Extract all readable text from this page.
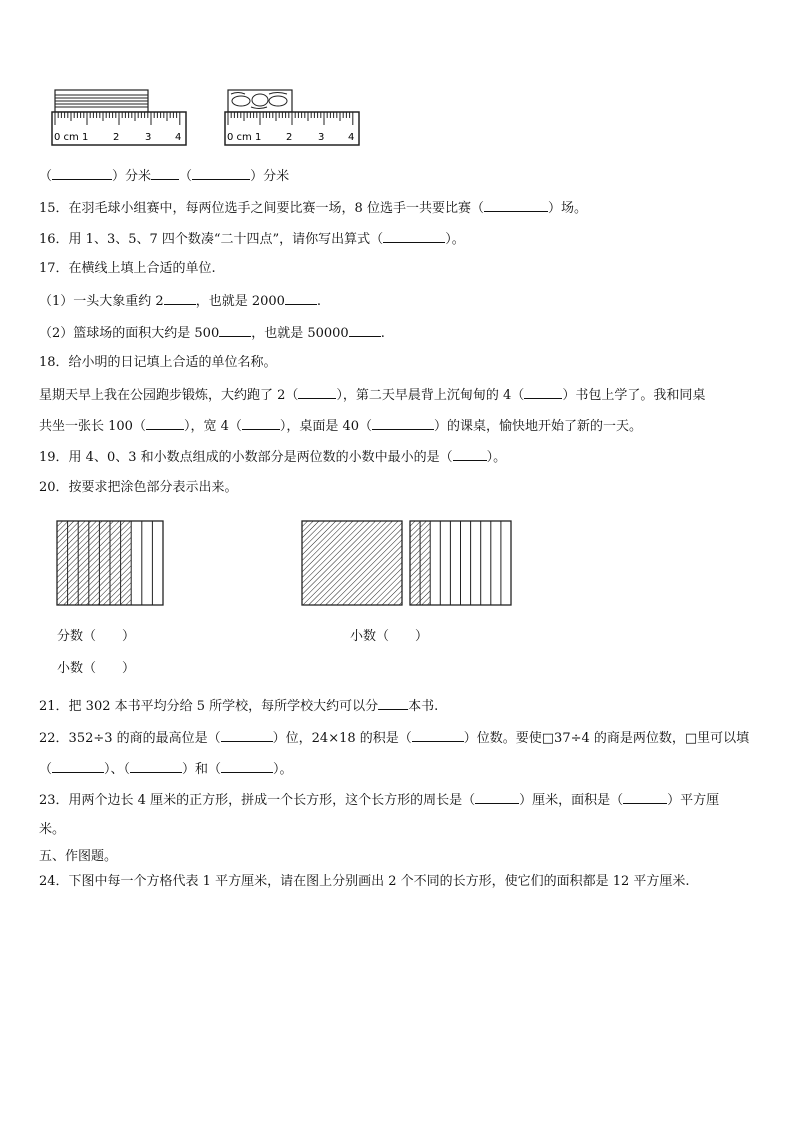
0 cm 1 2	3 4	0 cm 1 2	3 4
（	）分米 （	）分米
15．在羽毛球小组赛中，每两位选手之间要比赛一场，8 位选手一共要比赛（	）场。
16．用 1、3、5、7 四个数凑“二十四点”，请你写出算式（	）。
17．在横线上填上合适的单位.
（1）一头大象重约 2 ，也就是 2000 .
（2）篮球场的面积大约是 500 ，也就是 50000 .
18．给小明的日记填上合适的单位名称。
星期天早上我在公园跑步锻炼，大约跑了 2（	），第二天早晨背上沉甸甸的 4（	）书包上学了。我和同桌
共坐一张长 100（	），宽 4（	），桌面是 40（	）的课桌，愉快地开始了新的一天。
19．用 4、0、3 和小数点组成的小数部分是两位数的小数中最小的是（	）。
20．按要求把涂色部分表示出来。
分数（　　）	小数（　　）
小数（　　）
21．把 302 本书平均分给 5 所学校，每所学校大约可以分 本书.
22．352÷3 的商的最高位是（	）位，24×18 的积是（	）位数。要使□37÷4 的商是两位数，□里可以填
（	）、（	）和（	）。
23．用两个边长 4 厘米的正方形，拼成一个长方形，这个长方形的周长是（	）厘米，面积是（	）平方厘
米。
五、作图题。
24．下图中每一个方格代表 1 平方厘米，请在图上分别画出 2 个不同的长方形，使它们的面积都是 12 平方厘米.
